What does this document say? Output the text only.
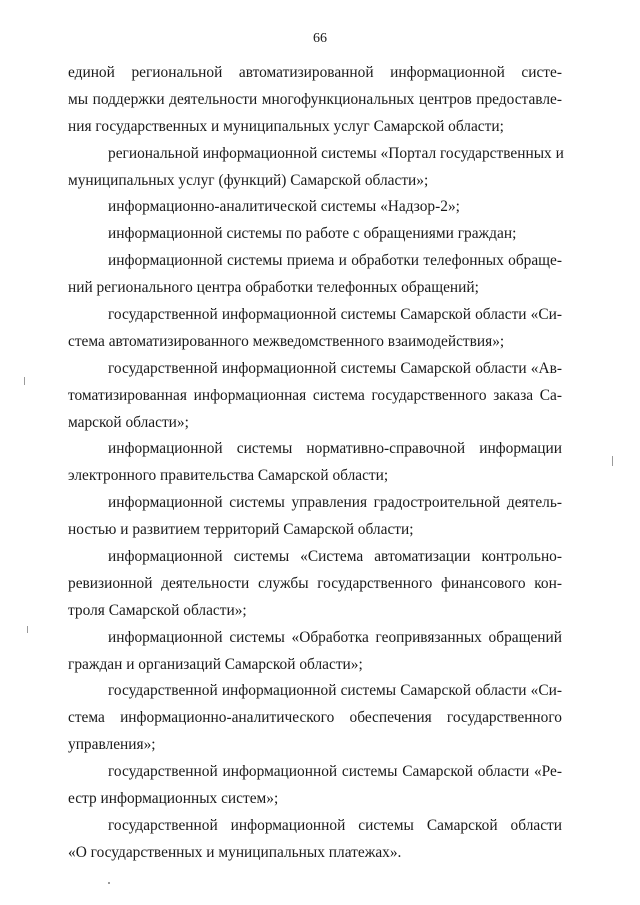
66
единой региональной автоматизированной информационной систе-
мы поддержки деятельности многофункциональных центров предоставле-
ния государственных и муниципальных услуг Самарской области;
региональной информационной системы «Портал государственных и
муниципальных услуг (функций) Самарской области»;
информационно-аналитической системы «Надзор-2»;
информационной системы по работе с обращениями граждан;
информационной системы приема и обработки телефонных обраще-
ний регионального центра обработки телефонных обращений;
государственной информационной системы Самарской области «Си-
стема автоматизированного межведомственного взаимодействия»;
государственной информационной системы Самарской области «Ав-
томатизированная информационная система государственного заказа Са-
марской области»;
информационной системы нормативно-справочной информации
электронного правительства Самарской области;
информационной системы управления градостроительной деятель-
ностью и развитием территорий Самарской области;
информационной системы «Система автоматизации контрольно-
ревизионной деятельности службы государственного финансового кон-
троля Самарской области»;
информационной системы «Обработка геопривязанных обращений
граждан и организаций Самарской области»;
государственной информационной системы Самарской области «Си-
стема информационно-аналитического обеспечения государственного
управления»;
государственной информационной системы Самарской области «Ре-
естр информационных систем»;
государственной информационной системы Самарской области
«О государственных и муниципальных платежах».
